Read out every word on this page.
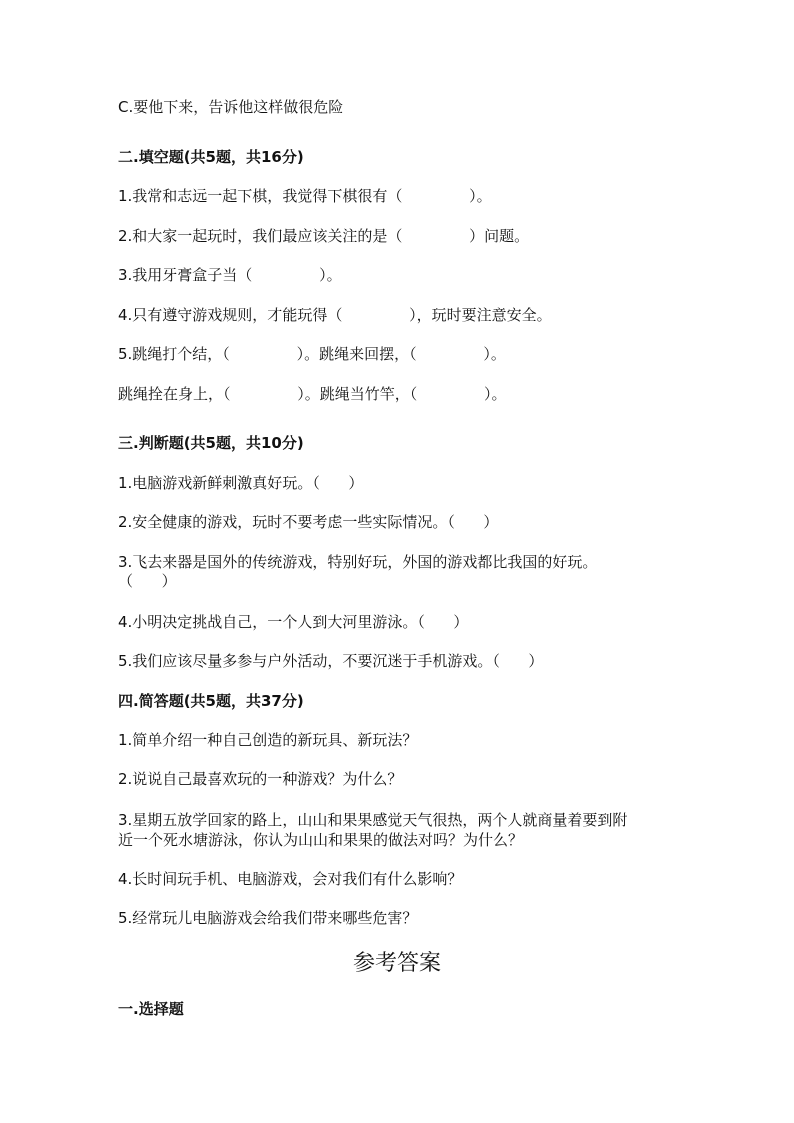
C.要他下来，告诉他这样做很危险
二.填空题(共5题，共16分)
1.我常和志远一起下棋，我觉得下棋很有（              ）。
2.和大家一起玩时，我们最应该关注的是（              ）问题。
3.我用牙膏盒子当（              ）。
4.只有遵守游戏规则，才能玩得（              ），玩时要注意安全。
5.跳绳打个结，（              ）。跳绳来回摆，（              ）。
跳绳拴在身上，（              ）。跳绳当竹竿，（              ）。
三.判断题(共5题，共10分)
1.电脑游戏新鲜刺激真好玩。（      ）
2.安全健康的游戏，玩时不要考虑一些实际情况。（      ）
3.飞去来器是国外的传统游戏，特别好玩，外国的游戏都比我国的好玩。
（      ）
4.小明决定挑战自己，一个人到大河里游泳。（      ）
5.我们应该尽量多参与户外活动，不要沉迷于手机游戏。（      ）
四.简答题(共5题，共37分)
1.简单介绍一种自己创造的新玩具、新玩法？
2.说说自己最喜欢玩的一种游戏？为什么？
3.星期五放学回家的路上，山山和果果感觉天气很热，两个人就商量着要到附
近一个死水塘游泳，你认为山山和果果的做法对吗？为什么？
4.长时间玩手机、电脑游戏，会对我们有什么影响？
5.经常玩儿电脑游戏会给我们带来哪些危害？
参考答案
一.选择题
